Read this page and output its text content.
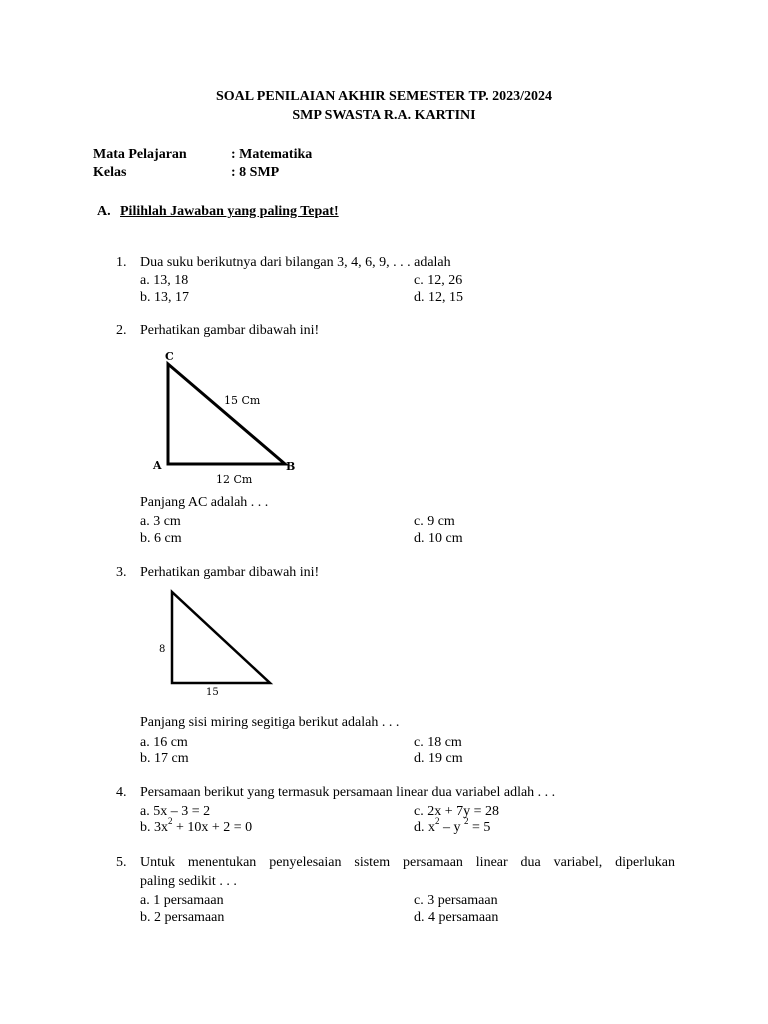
SOAL PENILAIAN AKHIR SEMESTER TP. 2023/2024
SMP SWASTA R.A. KARTINI
Mata Pelajaran	: Matematika
Kelas	: 8 SMP
A. Pilihlah Jawaban yang paling Tepat!
1. Dua suku berikutnya dari bilangan 3, 4, 6, 9, . . . adalah
a. 13, 18
b. 13, 17
c. 12, 26
d. 12, 15
2. Perhatikan gambar dibawah ini!
C
A	B
15 Cm
12 Cm
Panjang AC adalah . . .
a. 3 cm
b. 6 cm
c. 9 cm
d. 10 cm
3. Perhatikan gambar dibawah ini!
8
15
Panjang sisi miring segitiga berikut adalah . . .
a. 16 cm
b. 17 cm
c. 18 cm
d. 19 cm
4. Persamaan berikut yang termasuk persamaan linear dua variabel adlah . . .
a. 5x – 3 = 2
b. $3x^2 + 10x + 2 = 0$
c. 2x + 7y = 28
d. $x^2$ – y $^2$ = 5
5. Untuk menentukan penyelesaian sistem persamaan linear dua variabel, diperlukan
paling sedikit . . .
a. 1 persamaan
b. 2 persamaan
c. 3 persamaan
d. 4 persamaan
